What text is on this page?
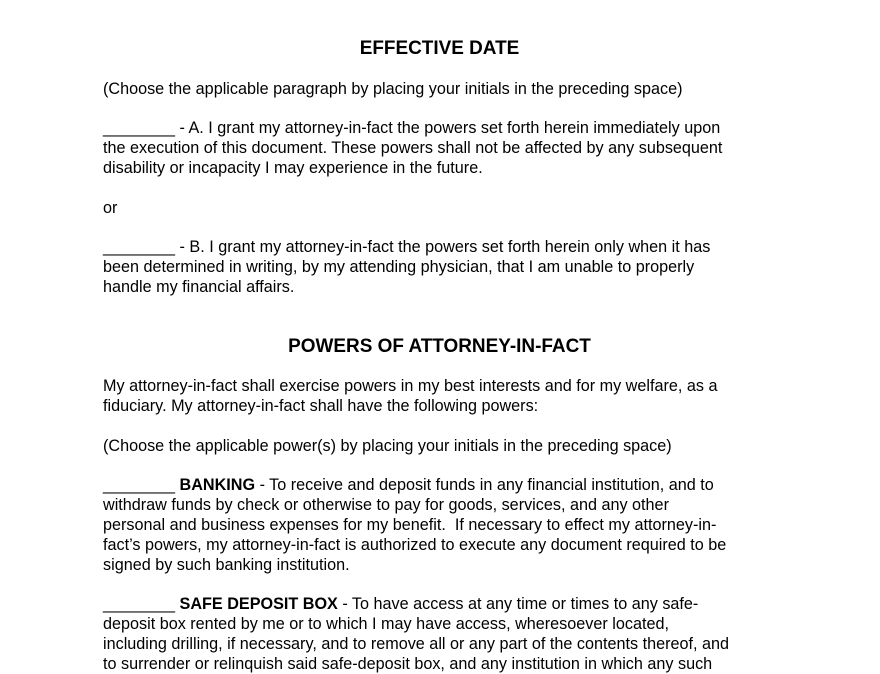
EFFECTIVE DATE

(Choose the applicable paragraph by placing your initials in the preceding space)

________ - A. I grant my attorney-in-fact the powers set forth herein immediately upon
the execution of this document. These powers shall not be affected by any subsequent
disability or incapacity I may experience in the future.

or

________ - B. I grant my attorney-in-fact the powers set forth herein only when it has
been determined in writing, by my attending physician, that I am unable to properly
handle my financial affairs.

POWERS OF ATTORNEY-IN-FACT

My attorney-in-fact shall exercise powers in my best interests and for my welfare, as a
fiduciary. My attorney-in-fact shall have the following powers:

(Choose the applicable power(s) by placing your initials in the preceding space)

________ BANKING - To receive and deposit funds in any financial institution, and to
withdraw funds by check or otherwise to pay for goods, services, and any other
personal and business expenses for my benefit.  If necessary to effect my attorney-in-
fact’s powers, my attorney-in-fact is authorized to execute any document required to be
signed by such banking institution.

________ SAFE DEPOSIT BOX - To have access at any time or times to any safe-
deposit box rented by me or to which I may have access, wheresoever located,
including drilling, if necessary, and to remove all or any part of the contents thereof, and
to surrender or relinquish said safe-deposit box, and any institution in which any such
